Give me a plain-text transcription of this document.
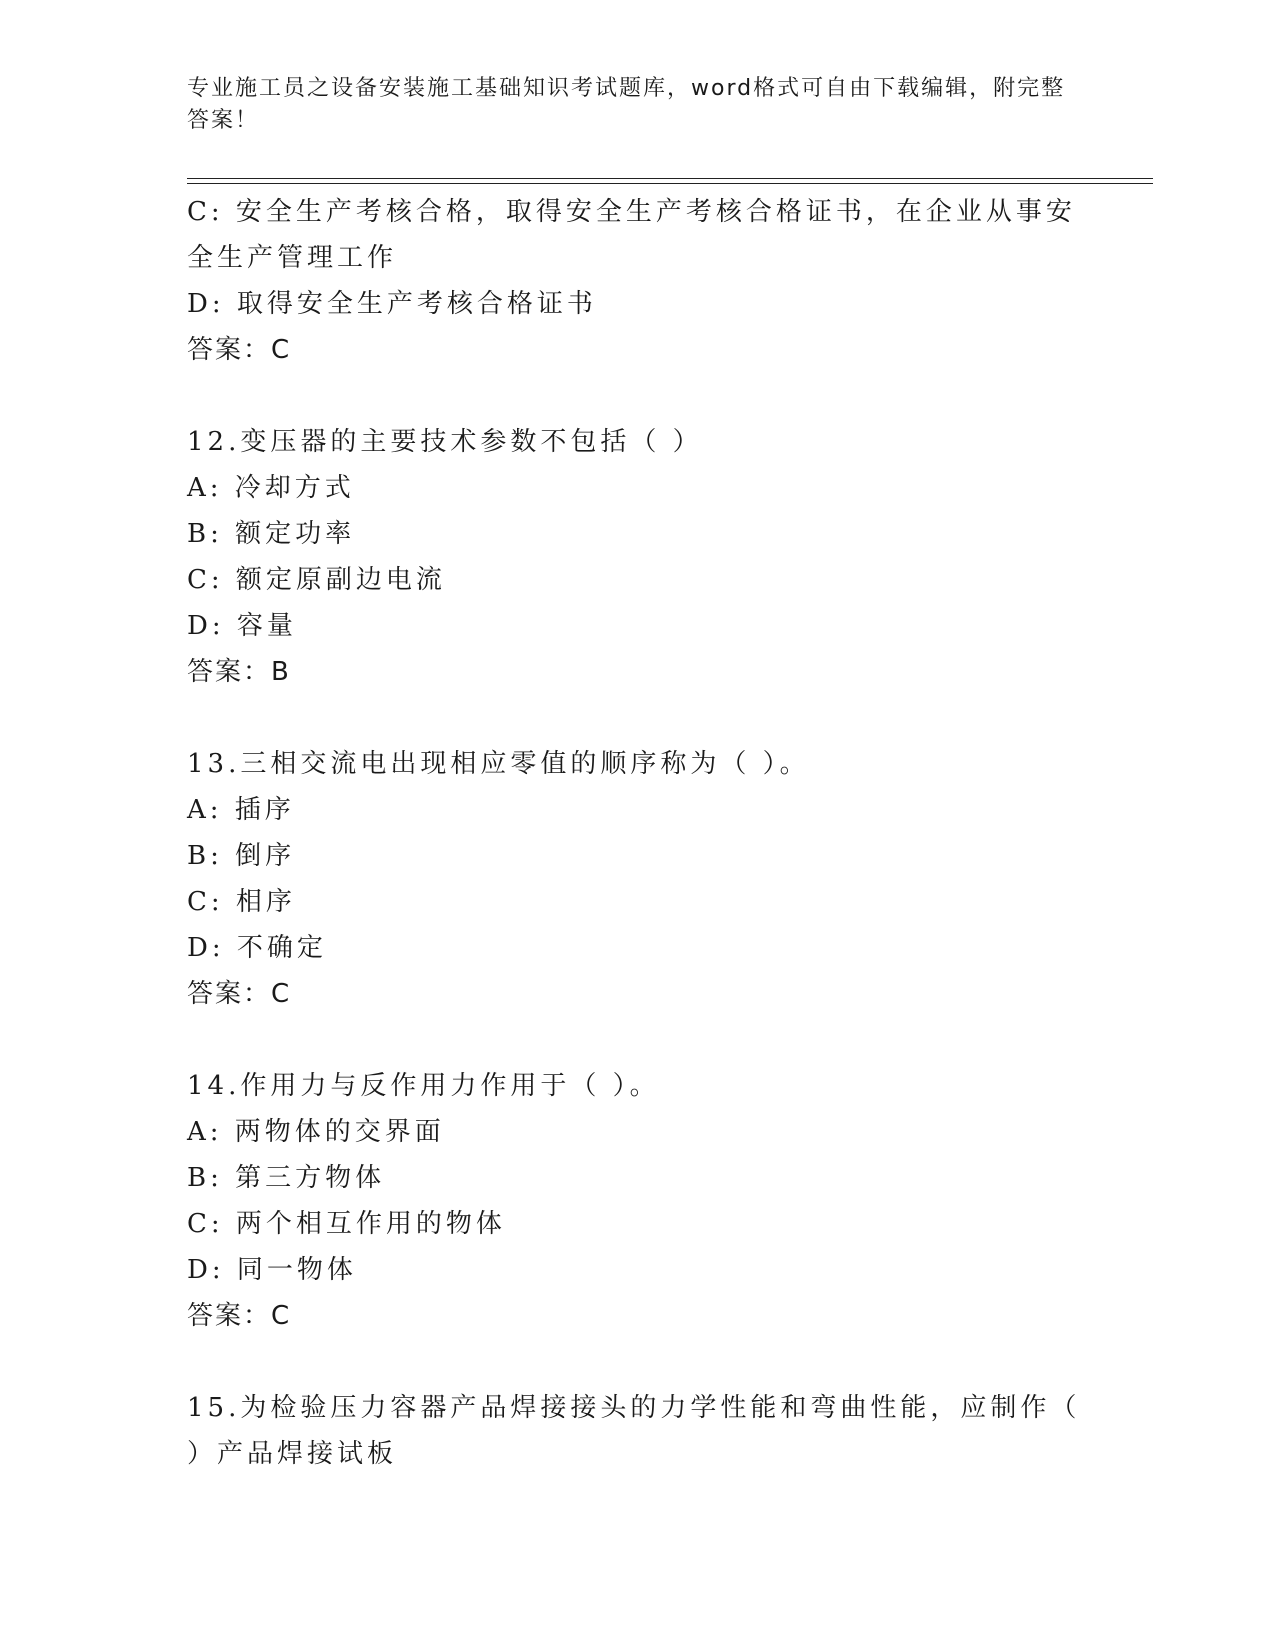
专业施工员之设备安装施工基础知识考试题库，word格式可自由下载编辑，附完整答案！

C: 安全生产考核合格，取得安全生产考核合格证书，在企业从事安全生产管理工作

D: 取得安全生产考核合格证书

答案：C

12.变压器的主要技术参数不包括（ ）

A: 冷却方式

B: 额定功率

C: 额定原副边电流

D: 容量

答案：B

13.三相交流电出现相应零值的顺序称为（ ）。

A: 插序

B: 倒序

C: 相序

D: 不确定

答案：C

14.作用力与反作用力作用于（ ）。

A: 两物体的交界面

B: 第三方物体

C: 两个相互作用的物体

D: 同一物体

答案：C

15.为检验压力容器产品焊接接头的力学性能和弯曲性能，应制作（ ）产品焊接试板
